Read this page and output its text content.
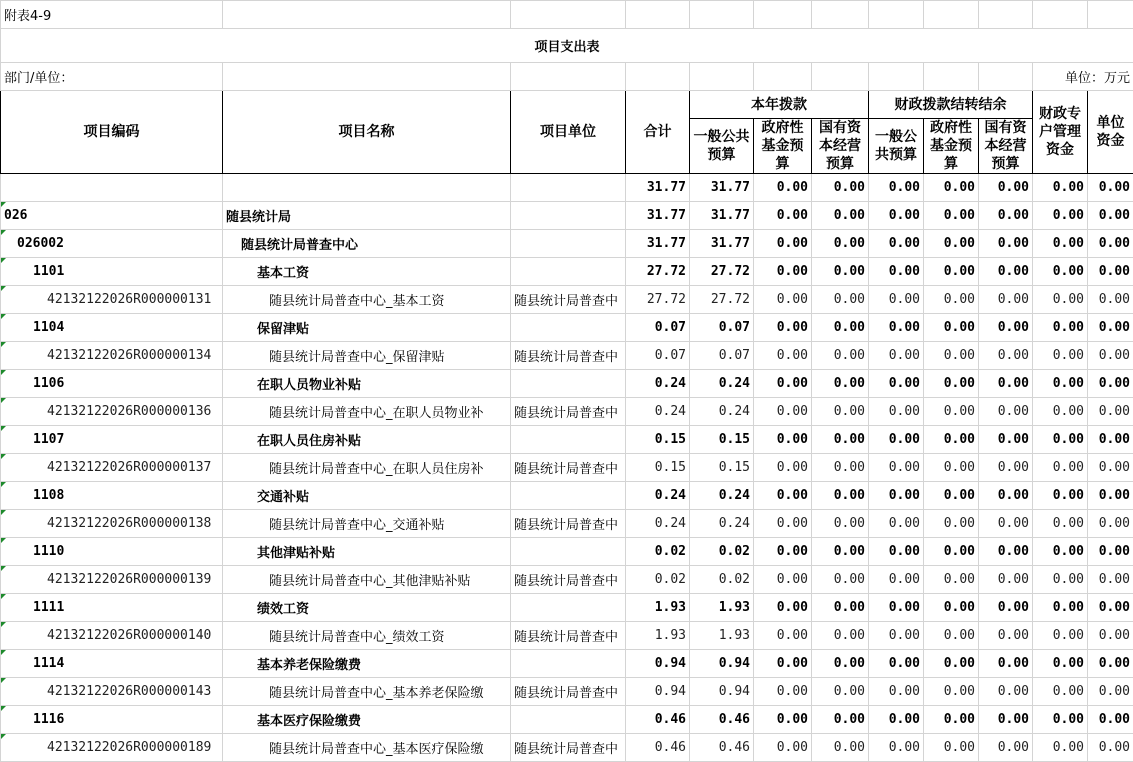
附表4-9											
项目支出表											
部门/单位：										单位：万元	
项目编码	项目名称	项目单位	合计	本年拨款			财政拨款结转结余			财政专户管理资金	单位资金
				一般公共预算	政府性基金预算	国有资本经营预算	一般公共预算	政府性基金预算	国有资本经营预算		
			31.77	31.77	0.00	0.00	0.00	0.00	0.00	0.00	0.00
026	随县统计局		31.77	31.77	0.00	0.00	0.00	0.00	0.00	0.00	0.00
026002	随县统计局普查中心		31.77	31.77	0.00	0.00	0.00	0.00	0.00	0.00	0.00
1101	基本工资		27.72	27.72	0.00	0.00	0.00	0.00	0.00	0.00	0.00
42132122026R000000131	随县统计局普查中心_基本工资	随县统计局普查中	27.72	27.72	0.00	0.00	0.00	0.00	0.00	0.00	0.00
1104	保留津贴		0.07	0.07	0.00	0.00	0.00	0.00	0.00	0.00	0.00
42132122026R000000134	随县统计局普查中心_保留津贴	随县统计局普查中	0.07	0.07	0.00	0.00	0.00	0.00	0.00	0.00	0.00
1106	在职人员物业补贴		0.24	0.24	0.00	0.00	0.00	0.00	0.00	0.00	0.00
42132122026R000000136	随县统计局普查中心_在职人员物业补	随县统计局普查中	0.24	0.24	0.00	0.00	0.00	0.00	0.00	0.00	0.00
1107	在职人员住房补贴		0.15	0.15	0.00	0.00	0.00	0.00	0.00	0.00	0.00
42132122026R000000137	随县统计局普查中心_在职人员住房补	随县统计局普查中	0.15	0.15	0.00	0.00	0.00	0.00	0.00	0.00	0.00
1108	交通补贴		0.24	0.24	0.00	0.00	0.00	0.00	0.00	0.00	0.00
42132122026R000000138	随县统计局普查中心_交通补贴	随县统计局普查中	0.24	0.24	0.00	0.00	0.00	0.00	0.00	0.00	0.00
1110	其他津贴补贴		0.02	0.02	0.00	0.00	0.00	0.00	0.00	0.00	0.00
42132122026R000000139	随县统计局普查中心_其他津贴补贴	随县统计局普查中	0.02	0.02	0.00	0.00	0.00	0.00	0.00	0.00	0.00
1111	绩效工资		1.93	1.93	0.00	0.00	0.00	0.00	0.00	0.00	0.00
42132122026R000000140	随县统计局普查中心_绩效工资	随县统计局普查中	1.93	1.93	0.00	0.00	0.00	0.00	0.00	0.00	0.00
1114	基本养老保险缴费		0.94	0.94	0.00	0.00	0.00	0.00	0.00	0.00	0.00
42132122026R000000143	随县统计局普查中心_基本养老保险缴	随县统计局普查中	0.94	0.94	0.00	0.00	0.00	0.00	0.00	0.00	0.00
1116	基本医疗保险缴费		0.46	0.46	0.00	0.00	0.00	0.00	0.00	0.00	0.00
42132122026R000000189	随县统计局普查中心_基本医疗保险缴	随县统计局普查中	0.46	0.46	0.00	0.00	0.00	0.00	0.00	0.00	0.00
